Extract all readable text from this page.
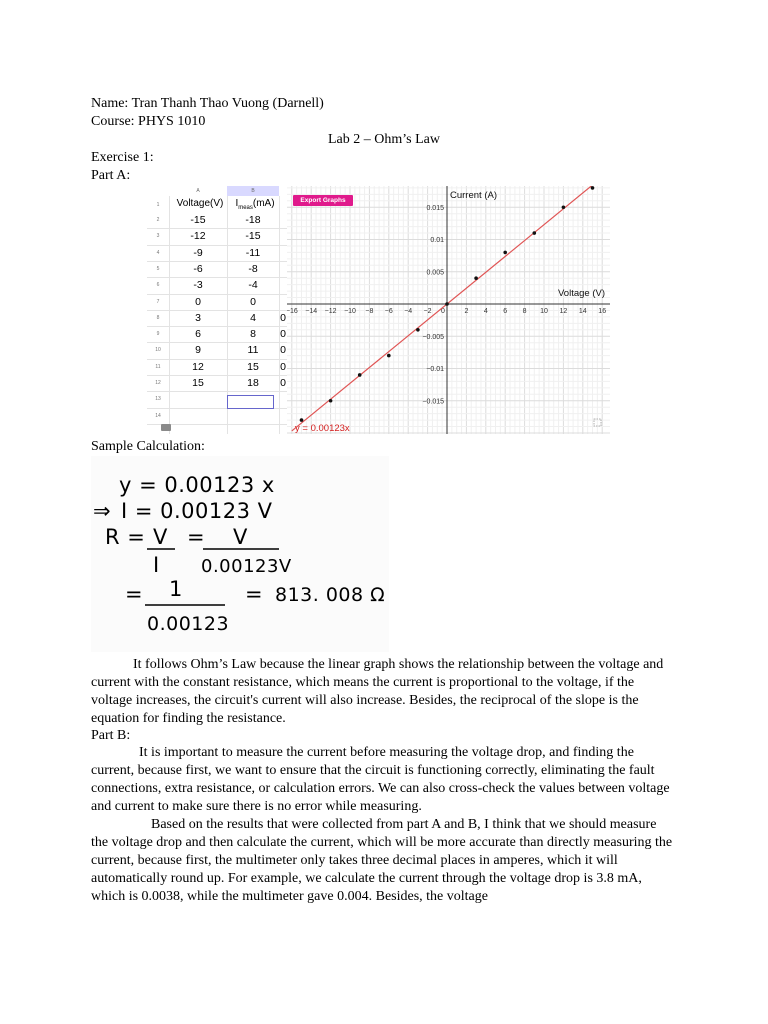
Name: Tran Thanh Thao Vuong (Darnell)
Course: PHYS 1010
Lab 2 – Ohm’s Law
Exercise 1:
Part A:
A	B
1	Voltage(V)	$I_{meas}(mA)$
2	-15	-18
3	-12	-15
4	-9	-11
5	-6	-8
6	-3	-4
7	0	0
8	3	4	0
9	6	8	0
10	9	11	0
11	12	15	0
12	15	18	0
13
14
−16 −14 −12 −10 −8 −6 −4 −2 0	2 4 6 8 10 12 14 16
0.015
0.01
0.005
−0.005
−0.01
−0.015
Current (A)
Voltage (V)
y = 0.00123x
Export Graphs
Sample Calculation:
y = 0.00123 x
⇒ I = 0.00123 V
R = V = V
I 0.00123V
= 1	= 813. 008 Ω
0.00123
It follows Ohm’s Law because the linear graph shows the relationship between the voltage and current with the constant resistance, which means the current is proportional to the voltage, if the voltage increases, the circuit's current will also increase. Besides, the reciprocal of the slope is the equation for finding the resistance.
Part B:
It is important to measure the current before measuring the voltage drop, and finding the current, because first, we want to ensure that the circuit is functioning correctly, eliminating the fault connections, extra resistance, or calculation errors. We can also cross-check the values between voltage and current to make sure there is no error while measuring.
Based on the results that were collected from part A and B, I think that we should measure the voltage drop and then calculate the current, which will be more accurate than directly measuring the current, because first, the multimeter only takes three decimal places in amperes, which it will automatically round up. For example, we calculate the current through the voltage drop is 3.8 mA, which is 0.0038, while the multimeter gave 0.004. Besides, the voltage
